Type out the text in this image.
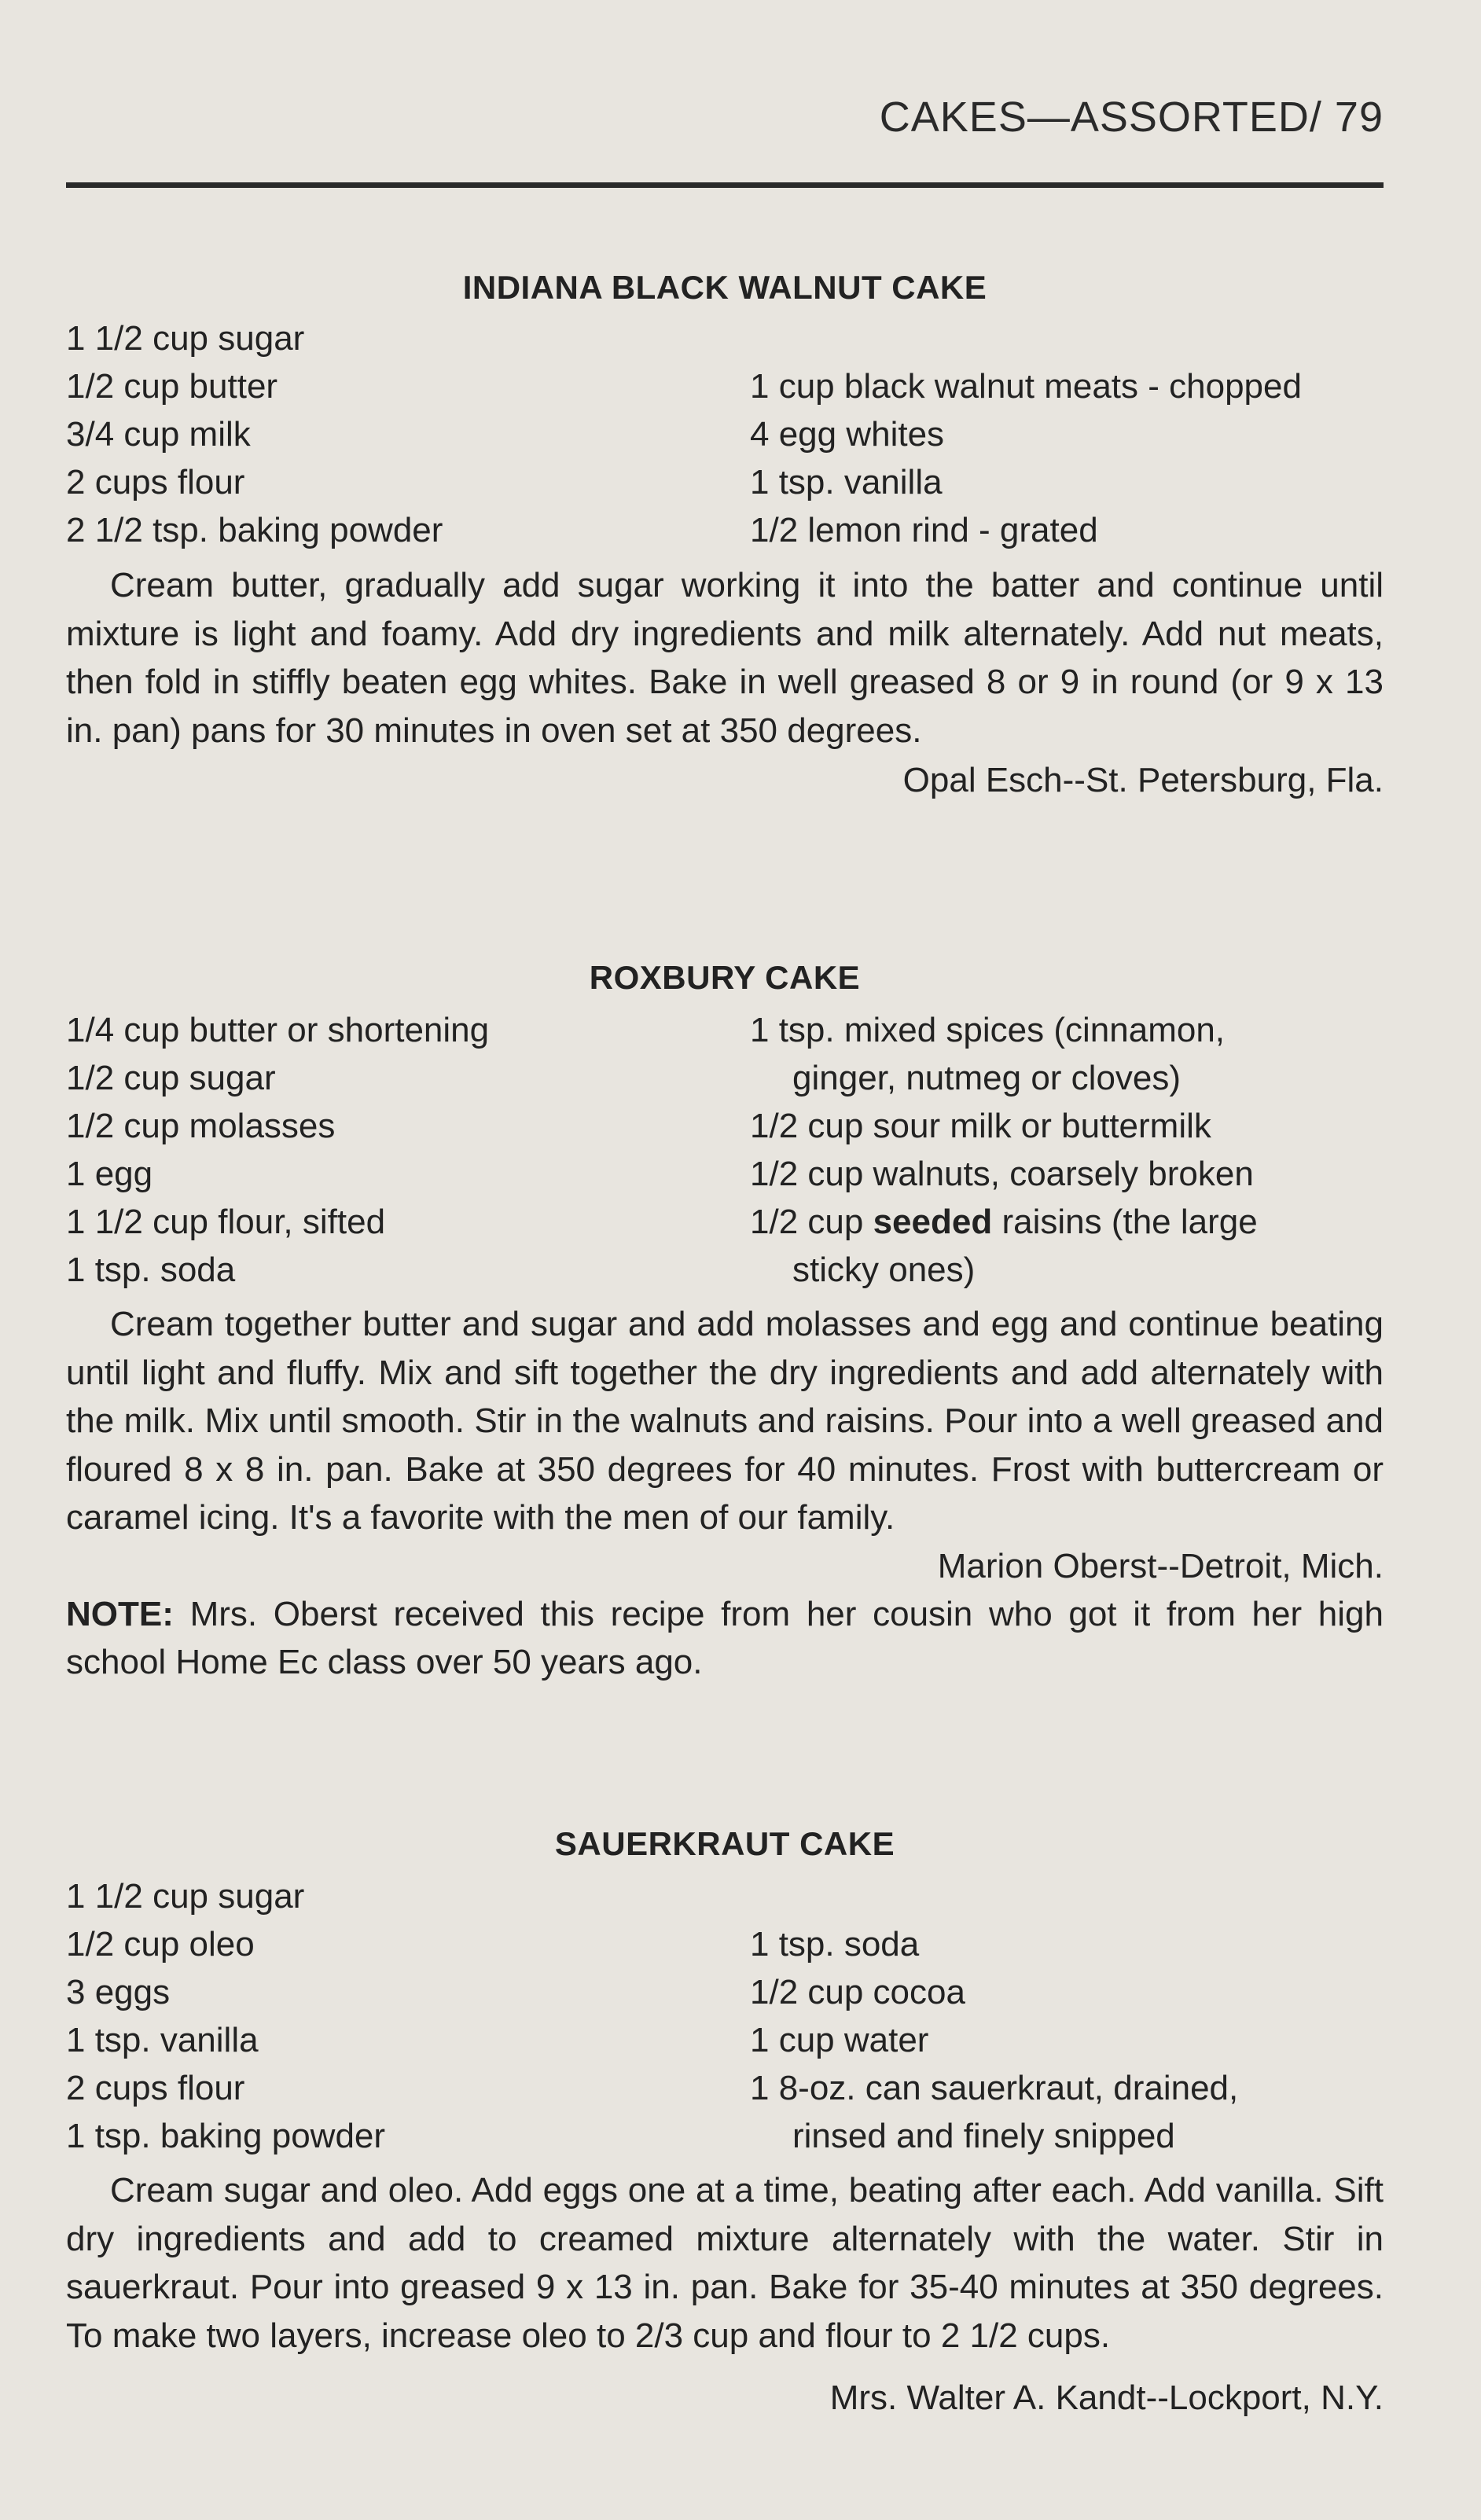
CAKES—ASSORTED/ 79
INDIANA BLACK WALNUT CAKE
1 1/2 cup sugar
1/2 cup butter
3/4 cup milk
2 cups flour
2 1/2 tsp. baking powder
1 cup black walnut meats - chopped
4 egg whites
1 tsp. vanilla
1/2 lemon rind - grated

Cream butter, gradually add sugar working it into the batter and continue until mixture is light and foamy. Add dry ingredients and milk alternately. Add nut meats, then fold in stiffly beaten egg whites. Bake in well greased 8 or 9 in round (or 9 x 13 in. pan) pans for 30 minutes in oven set at 350 degrees.

Opal Esch--St. Petersburg, Fla.

ROXBURY CAKE
1/4 cup butter or shortening
1/2 cup sugar
1/2 cup molasses
1 egg
1 1/2 cup flour, sifted
1 tsp. soda
1 tsp. mixed spices (cinnamon,
ginger, nutmeg or cloves)
1/2 cup sour milk or buttermilk
1/2 cup walnuts, coarsely broken
1/2 cup seeded raisins (the large
sticky ones)

Cream together butter and sugar and add molasses and egg and continue beating until light and fluffy. Mix and sift together the dry ingredients and add alternately with the milk. Mix until smooth. Stir in the walnuts and raisins. Pour into a well greased and floured 8 x 8 in. pan. Bake at 350 degrees for 40 minutes. Frost with buttercream or caramel icing. It's a favorite with the men of our family.

Marion Oberst--Detroit, Mich.

NOTE: Mrs. Oberst received this recipe from her cousin who got it from her high school Home Ec class over 50 years ago.

SAUERKRAUT CAKE
1 1/2 cup sugar
1/2 cup oleo
3 eggs
1 tsp. vanilla
2 cups flour
1 tsp. baking powder
1 tsp. soda
1/2 cup cocoa
1 cup water
1 8-oz. can sauerkraut, drained,
rinsed and finely snipped

Cream sugar and oleo. Add eggs one at a time, beating after each. Add vanilla. Sift dry ingredients and add to creamed mixture alternately with the water. Stir in sauerkraut. Pour into greased 9 x 13 in. pan. Bake for 35-40 minutes at 350 degrees. To make two layers, increase oleo to 2/3 cup and flour to 2 1/2 cups.

Mrs. Walter A. Kandt--Lockport, N.Y.
